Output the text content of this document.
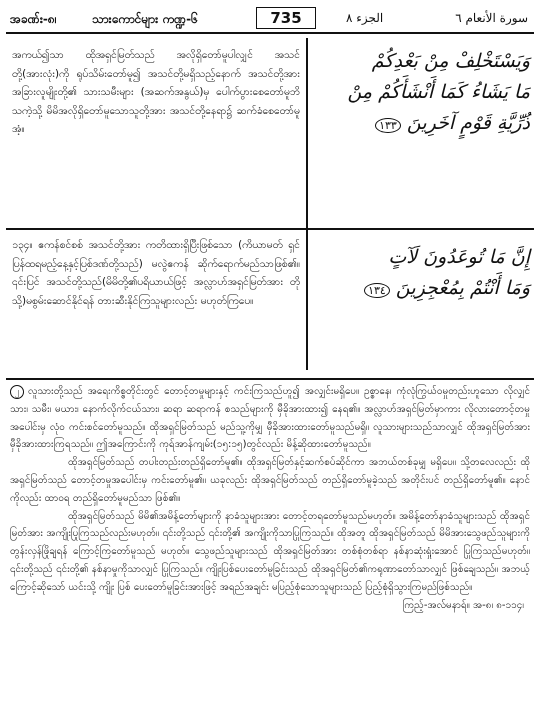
အခဏ်း-၈၊	သားကောင်များ ကဏ္ဍ-၆	735	الجزء ٨	سورة الأنعام ٦
အကယ်၍သာ ထိုအရှင်မြတ်သည် အလိုရှိတော်မူပါလျှင် အသင်တို့(အားလုံး)ကို ရုပ်သိမ်းတော်မူ၍ အသင်တို့မရှိသည့်နောက် အသင်တို့အားအခြားလူမျိုးတို့၏ သားသမီးများ (အဆက်အနွယ်)မှ ပေါက်ပွားစေတော်မူဘိသကဲ့သို့ မိမိအလိုရှိတော်မူသောသူတို့အား အသင်တို့နေရာ၌ ဆက်ခံစေတော်မူအံ့။
وَيَسْتَخْلِفْ مِنْ بَعْدِكُمْ
مَا يَشَاءُ كَمَا أَنْشَأَكُمْ مِنْ
ذُرِّيَّةِ قَوْمٍ آخَرِينَ ١٣٣
၁၃၄။ ဧကန်စင်စစ် အသင်တို့အား ကတိထားရှိပြီးဖြစ်သော (ကိယာမတ် ရှင်ပြန်ထရမည့်နေ့နှင့်ပြစ်ဒဏ်တို့သည်) မလွဲဧကန် ဆိုက်ရောက်မည်သာဖြစ်၏။ ၎င်းပြင် အသင်တို့သည်(မိမိတို့၏ပရိယာယ်ဖြင့် အလ္လာဟ်အရှင်မြတ်အား တိုသို့)မစွမ်းဆောင်နိုင်ရန် တားဆီးနိုင်ကြသူများလည်း မဟုတ်ကြပေ။
إِنَّ مَا تُوعَدُونَ لَآتٍ
وَمَا أَنْتُمْ بِمُعْجِزِينَ ١٣٤

၂ လူသားတို့သည် အရေးကိစ္စတိုင်းတွင် တောင့်တမှုများနှင့် ကင်းကြသည်ဟူ၍ အလျှင်းမရှိပေ။ ဥစ္စာနေ၊ ကုံလုံကြွယ်ဝမှုတည်းဟူသော လိုလျှင် သား၊ သမီး၊ မယား၊ နောက်လိုက်ငယ်သား၊ ဆရာ ဆရာကန် စသည်များကို မှီခိုအားထား၍ နေရ၏။ အလ္လာဟ်အရှင်မြတ်မှာကား လိုလားတောင့်တမှု အပေါင်းမှ လုံဝ ကင်းစင်တော်မူသည်။ ထိုအရှင်မြတ်သည် မည်သူ့ကိုမျှ မှီခိုအားထားတော်မူသည်မရှိ။ လူသားများသည်သာလျှင် ထိုအရှင်မြတ်အား မှီခိုအားထားကြရသည်။ ဤအကြောင်းကို ကုရ်အာန်ကျမ်း(၁၅:၁၅)တွင်လည်း မိန့်ဆိုထားတော်မူသည်။

ထိုအရှင်မြတ်သည် တပါးတည်းတည်ရှိတော်မူ၏။ ထိုအရှင်မြတ်နှင့်ဆက်စပ်ဆိုင်ကာ အဘယ်တစ်ခုမျှ မရှိပေ။ သို့တလေလည်း ထိုအရှင်မြတ်သည် တောင့်တမှုအပေါင်းမှ ကင်းတော်မူ၏။ ယခုလည်း ထိုအရှင်မြတ်သည် တည်ရှိတော်မူခဲ့သည် အတိုင်းပင် တည်ရှိတော်မူ၏။ နောင်ကိုလည်း ထာဝရ တည်ရှိတော်မူမည်သာ ဖြစ်၏။

ထိုအရှင်မြတ်သည် မိမိ၏အမိန့်တော်များကို နာခံသူများအား တောင့်တရတော်မူသည်မဟုတ်။ အမိန့်တော်နာခံသူများသည် ထိုအရှင်မြတ်အား အကျိုးပြုကြသည်လည်းမဟုတ်။ ၎င်းတို့သည် ၎င်းတို့၏ အကျိုးကိုသာပြုကြသည်။ ထိုအတူ ထိုအရှင်မြတ်သည် မိမိအားသွေဖည်သူများကို တွန်းလှန်ဖြိုချရန် ကြောင့်ကြတော်မူသည် မဟုတ်။ သွေဖည်သူများသည် ထိုအရှင်မြတ်အား တစ်စုံတစ်ရာ နစ်နာဆုံးရှုံးအောင် ပြုကြသည်မဟုတ်။ ၎င်းတို့သည် ၎င်းတို့၏ နစ်နာမှုကိုသာလျှင် ပြုကြသည်။ ကျိုးပြစ်ပေးတော်မူခြင်းသည် ထိုအရှင်မြတ်၏ကရုဏာတော်သာလျှင် ဖြစ်ချေသည်။ အဘယ့်ကြောင့်ဆိုသော် ယင်းသို့ ကျိုး ပြစ် ပေးတော်မူခြင်းအားဖြင့် အရည်အချင်း မပြည့်စုံသောသူများသည် ပြည့်စုံရှိသွားကြမည်ဖြစ်သည်။

ကြည့်-အလ်မနာရ်။ အ-၈၊ ၈-၁၁၄၊
